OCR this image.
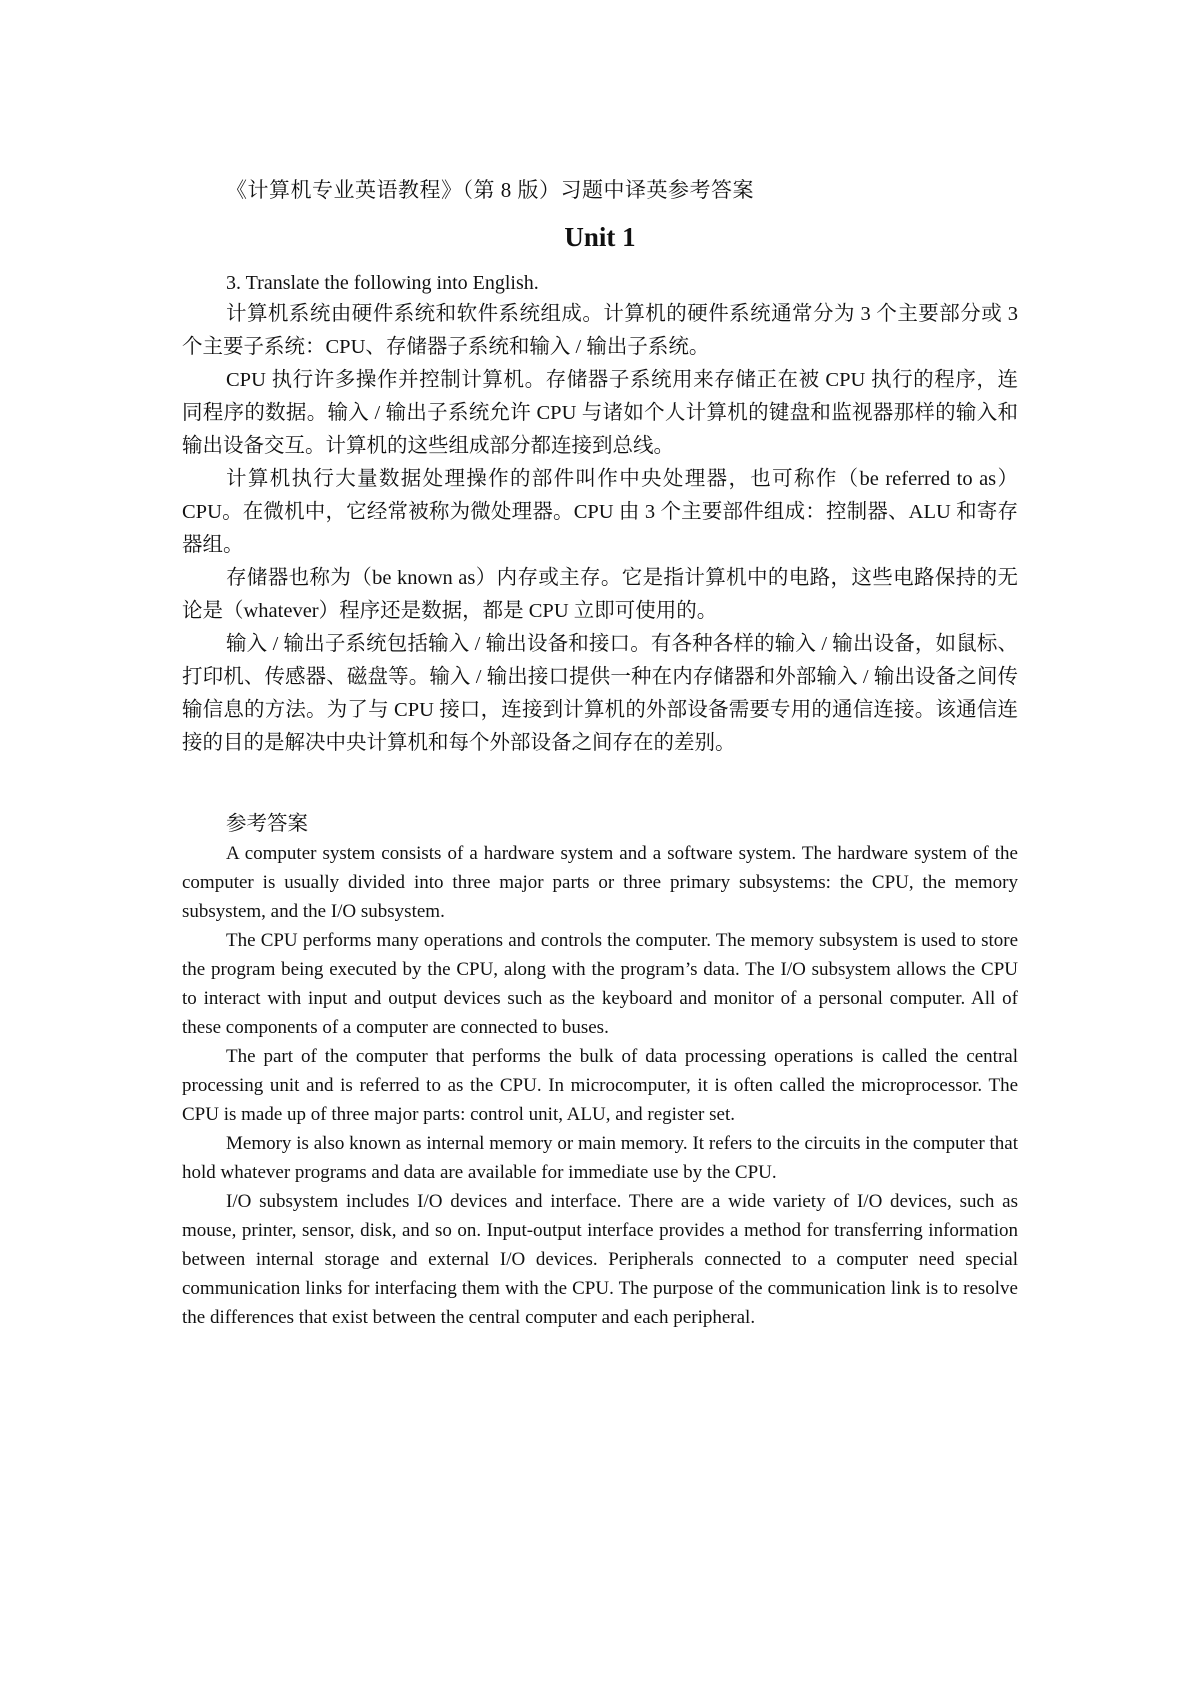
《计算机专业英语教程》（第 8 版）习题中译英参考答案
Unit 1
3. Translate the following into English.

计算机系统由硬件系统和软件系统组成。计算机的硬件系统通常分为 3 个主要部分或 3 个主要子系统：CPU、存储器子系统和输入 / 输出子系统。

CPU 执行许多操作并控制计算机。存储器子系统用来存储正在被 CPU 执行的程序，连同程序的数据。输入 / 输出子系统允许 CPU 与诸如个人计算机的键盘和监视器那样的输入和输出设备交互。计算机的这些组成部分都连接到总线。

计算机执行大量数据处理操作的部件叫作中央处理器，也可称作（be referred to as）CPU。在微机中，它经常被称为微处理器。CPU 由 3 个主要部件组成：控制器、ALU 和寄存器组。

存储器也称为（be known as）内存或主存。它是指计算机中的电路，这些电路保持的无论是（whatever）程序还是数据，都是 CPU 立即可使用的。

输入 / 输出子系统包括输入 / 输出设备和接口。有各种各样的输入 / 输出设备，如鼠标、打印机、传感器、磁盘等。输入 / 输出接口提供一种在内存储器和外部输入 / 输出设备之间传输信息的方法。为了与 CPU 接口，连接到计算机的外部设备需要专用的通信连接。该通信连接的目的是解决中央计算机和每个外部设备之间存在的差别。

参考答案

A computer system consists of a hardware system and a software system. The hardware system of the computer is usually divided into three major parts or three primary subsystems: the CPU, the memory subsystem, and the I/O subsystem.

The CPU performs many operations and controls the computer. The memory subsystem is used to store the program being executed by the CPU, along with the program’s data. The I/O subsystem allows the CPU to interact with input and output devices such as the keyboard and monitor of a personal computer. All of these components of a computer are connected to buses.

The part of the computer that performs the bulk of data processing operations is called the central processing unit and is referred to as the CPU. In microcomputer, it is often called the microprocessor. The CPU is made up of three major parts: control unit, ALU, and register set.

Memory is also known as internal memory or main memory. It refers to the circuits in the computer that hold whatever programs and data are available for immediate use by the CPU.

I/O subsystem includes I/O devices and interface. There are a wide variety of I/O devices, such as mouse, printer, sensor, disk, and so on. Input-output interface provides a method for transferring information between internal storage and external I/O devices. Peripherals connected to a computer need special communication links for interfacing them with the CPU. The purpose of the communication link is to resolve the differences that exist between the central computer and each peripheral.
